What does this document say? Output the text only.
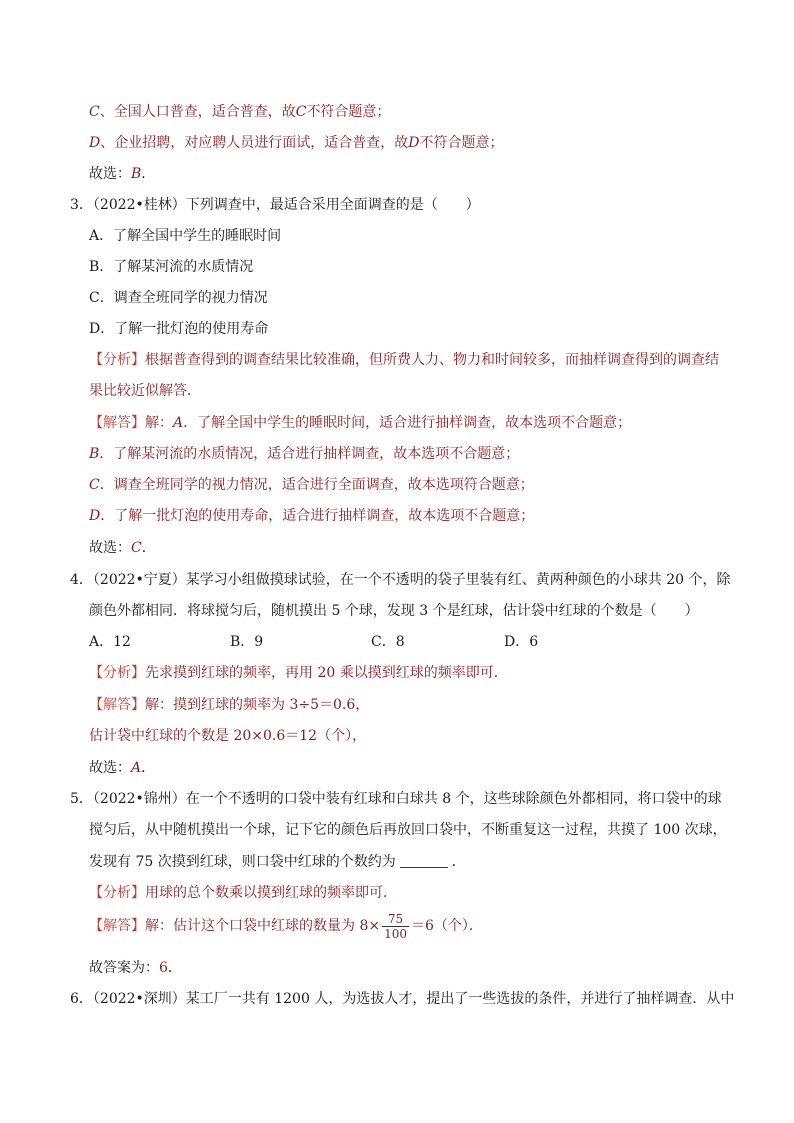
C、全国人口普查，适合普查，故C不符合题意；
D、企业招聘，对应聘人员进行面试，适合普查，故D不符合题意；
故选：B．
3．（2022•桂林）下列调查中，最适合采用全面调查的是（　　）
A．了解全国中学生的睡眠时间
B．了解某河流的水质情况
C．调查全班同学的视力情况
D．了解一批灯泡的使用寿命
【分析】根据普查得到的调查结果比较准确，但所费人力、物力和时间较多，而抽样调查得到的调查结
果比较近似解答．
【解答】解：A．了解全国中学生的睡眠时间，适合进行抽样调查，故本选项不合题意；
B．了解某河流的水质情况，适合进行抽样调查，故本选项不合题意；
C．调查全班同学的视力情况，适合进行全面调查，故本选项符合题意；
D．了解一批灯泡的使用寿命，适合进行抽样调查，故本选项不合题意；
故选：C．
4．（2022•宁夏）某学习小组做摸球试验，在一个不透明的袋子里装有红、黄两种颜色的小球共 20 个，除
颜色外都相同．将球搅匀后，随机摸出 5 个球，发现 3 个是红球，估计袋中红球的个数是（　　）
A．12	B．9	C．8	D．6
【分析】先求摸到红球的频率，再用 20 乘以摸到红球的频率即可．
【解答】解：摸到红球的频率为 3÷5＝0.6，
估计袋中红球的个数是 20×0.6＝12（个），
故选：A．
5．（2022•锦州）在一个不透明的口袋中装有红球和白球共 8 个，这些球除颜色外都相同，将口袋中的球
搅匀后，从中随机摸出一个球，记下它的颜色后再放回口袋中，不断重复这一过程，共摸了 100 次球，
发现有 75 次摸到红球，则口袋中红球的个数约为	．
【分析】用球的总个数乘以摸到红球的频率即可．
【解答】解：估计这个口袋中红球的数量为 $8\times \frac{75}{100} =6$（个）．
故答案为：6．
6．（2022•深圳）某工厂一共有 1200 人，为选拔人才，提出了一些选拔的条件，并进行了抽样调查．从中
